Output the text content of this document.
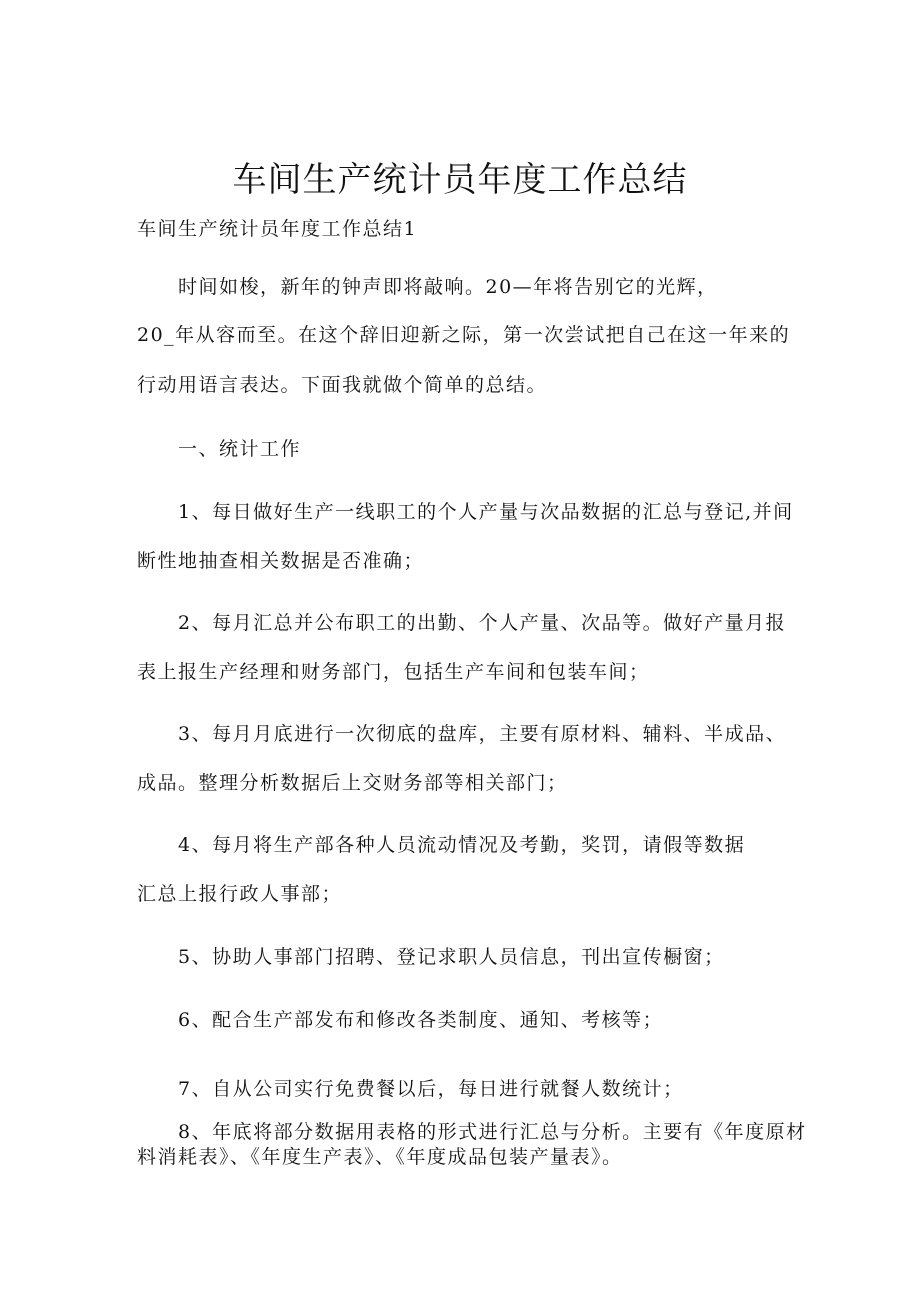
车间生产统计员年度工作总结
车间生产统计员年度工作总结1
时间如梭，新年的钟声即将敲响。20—年将告别它的光辉，
20_年从容而至。在这个辞旧迎新之际，第一次尝试把自己在这一年来的
行动用语言表达。下面我就做个简单的总结。
一、统计工作
1、每日做好生产一线职工的个人产量与次品数据的汇总与登记,并间
断性地抽查相关数据是否准确；
2、每月汇总并公布职工的出勤、个人产量、次品等。做好产量月报
表上报生产经理和财务部门，包括生产车间和包装车间；
3、每月月底进行一次彻底的盘库，主要有原材料、辅料、半成品、
成品。整理分析数据后上交财务部等相关部门；
4、每月将生产部各种人员流动情况及考勤，奖罚，请假等数据
汇总上报行政人事部；
5、协助人事部门招聘、登记求职人员信息，刊出宣传橱窗；
6、配合生产部发布和修改各类制度、通知、考核等；
7、自从公司实行免费餐以后，每日进行就餐人数统计；
8、年底将部分数据用表格的形式进行汇总与分析。主要有《年度原材
料消耗表》、《年度生产表》、《年度成品包装产量表》。
